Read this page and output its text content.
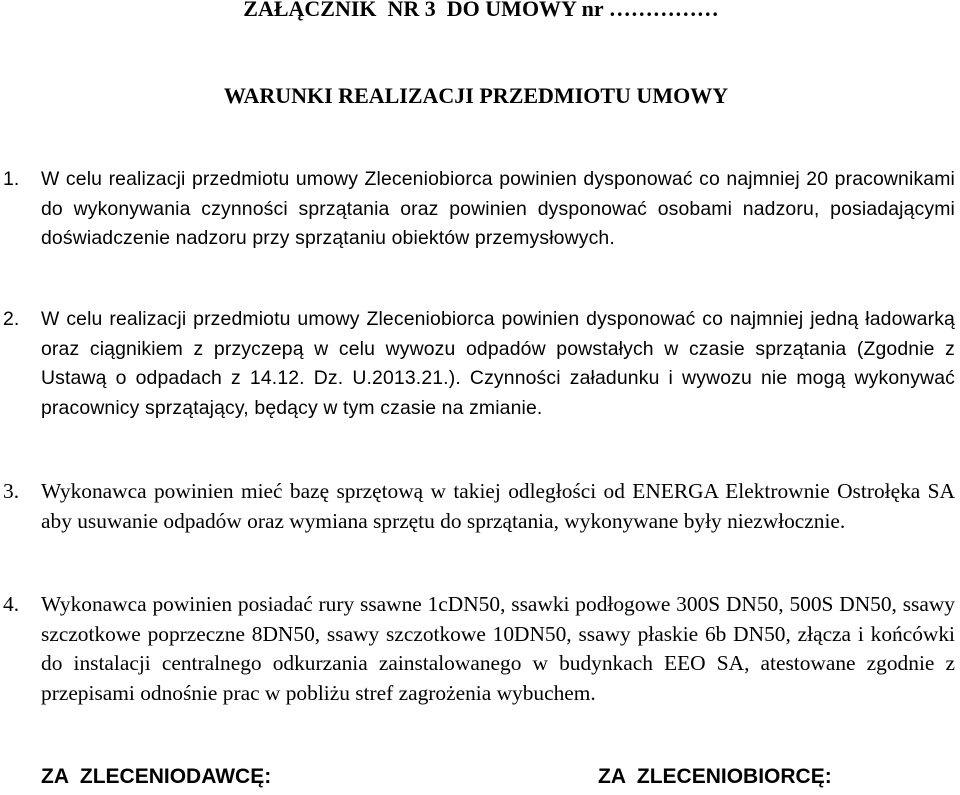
ZAŁĄCZNIK  NR 3  DO UMOWY nr ……………
WARUNKI REALIZACJI PRZEDMIOTU UMOWY
1.	W celu realizacji przedmiotu umowy Zleceniobiorca powinien dysponować co najmniej 20 pracownikami do wykonywania czynności sprzątania oraz powinien dysponować osobami nadzoru, posiadającymi doświadczenie nadzoru przy sprzątaniu obiektów przemysłowych.
2.	W celu realizacji przedmiotu umowy Zleceniobiorca powinien dysponować co najmniej jedną ładowarką oraz ciągnikiem z przyczepą w celu wywozu odpadów powstałych w czasie sprzątania (Zgodnie z Ustawą o odpadach z 14.12. Dz. U.2013.21.). Czynności załadunku i wywozu nie mogą wykonywać pracownicy sprzątający, będący w tym czasie na zmianie.
3.	Wykonawca powinien mieć bazę sprzętową w takiej odległości od ENERGA Elektrownie Ostrołęka SA aby usuwanie odpadów oraz wymiana sprzętu do sprzątania, wykonywane były niezwłocznie.
4.	Wykonawca powinien posiadać rury ssawne 1cDN50, ssawki podłogowe 300S DN50, 500S DN50, ssawy szczotkowe poprzeczne 8DN50, ssawy szczotkowe 10DN50, ssawy płaskie 6b DN50, złącza i końcówki do instalacji centralnego odkurzania zainstalowanego w budynkach EEO SA, atestowane zgodnie z przepisami odnośnie prac w pobliżu stref zagrożenia wybuchem.
ZA  ZLECENIODAWCĘ:	ZA  ZLECENIOBIORCĘ:
